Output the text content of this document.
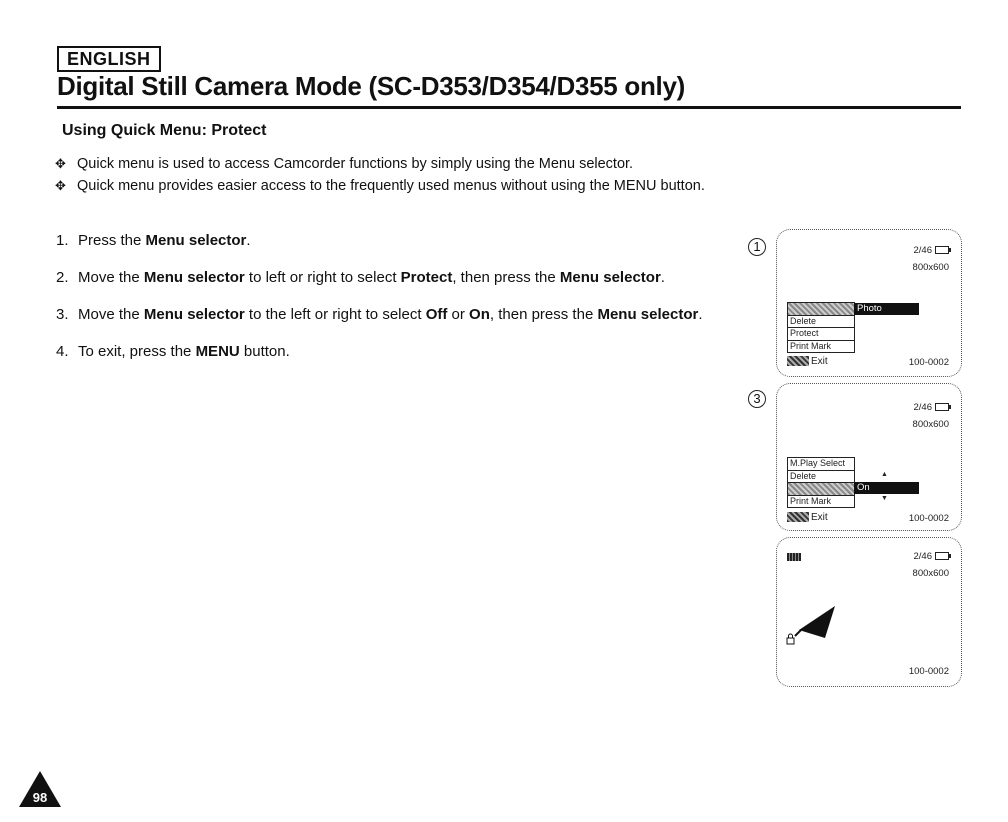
ENGLISH
Digital Still Camera Mode (SC-D353/D354/D355 only)
Using Quick Menu: Protect
✥ Quick menu is used to access Camcorder functions by simply using the Menu selector.
✥ Quick menu provides easier access to the frequently used menus without using the MENU button.
1. Press the Menu selector.
2. Move the Menu selector to left or right to select Protect, then press the Menu selector.
3. Move the Menu selector to the left or right to select Off or On, then press the Menu selector.
4. To exit, press the MENU button.
1	2/46
800x600
Delete
Protect
Print Mark
Photo
Exit	100-0002
3
2/46
800x600
M.Play Select
Delete
Print Mark
▲
On
▼
Exit	100-0002
2/46
800x600
100-0002
98
